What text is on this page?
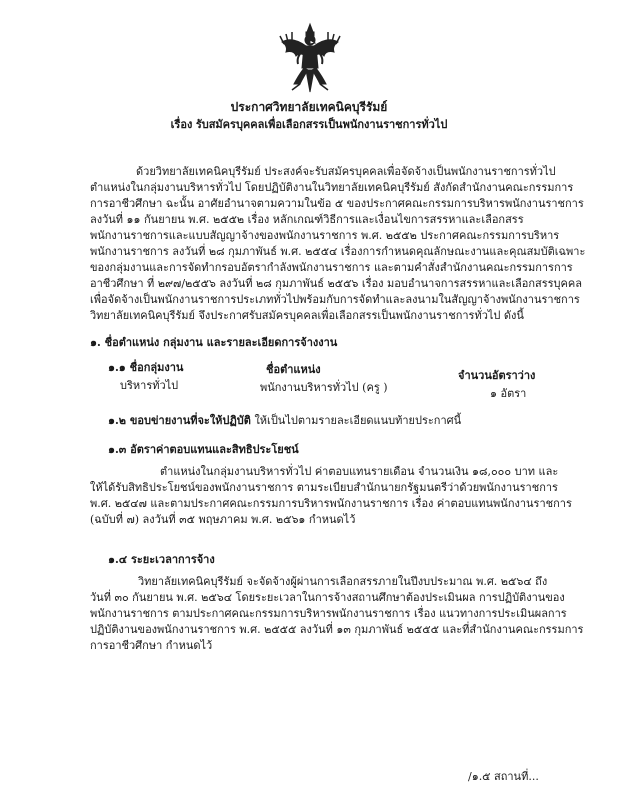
ประกาศวิทยาลัยเทคนิคบุรีรัมย์
เรื่อง รับสมัครบุคคลเพื่อเลือกสรรเป็นพนักงานราชการทั่วไป
ด้วยวิทยาลัยเทคนิคบุรีรัมย์ ประสงค์จะรับสมัครบุคคลเพื่อจัดจ้างเป็นพนักงานราชการทั่วไป
ตำแหน่งในกลุ่มงานบริหารทั่วไป โดยปฏิบัติงานในวิทยาลัยเทคนิคบุรีรัมย์ สังกัดสำนักงานคณะกรรมการ
การอาชีวศึกษา ฉะนั้น อาศัยอำนาจตามความในข้อ ๕ ของประกาศคณะกรรมการบริหารพนักงานราชการ
ลงวันที่ ๑๑ กันยายน พ.ศ. ๒๕๕๒ เรื่อง หลักเกณฑ์วิธีการและเงื่อนไขการสรรหาและเลือกสรร
พนักงานราชการและแบบสัญญาจ้างของพนักงานราชการ พ.ศ. ๒๕๕๒ ประกาศคณะกรรมการบริหาร
พนักงานราชการ ลงวันที่ ๒๘ กุมภาพันธ์ พ.ศ. ๒๕๕๔ เรื่องการกำหนดคุณลักษณะงานและคุณสมบัติเฉพาะ
ของกลุ่มงานและการจัดทำกรอบอัตรากำลังพนักงานราชการ และตามคำสั่งสำนักงานคณะกรรมการการ
อาชีวศึกษา ที่ ๒๙๗/๒๕๕๖ ลงวันที่ ๒๘ กุมภาพันธ์ ๒๕๕๖ เรื่อง มอบอำนาจการสรรหาและเลือกสรรบุคคล
เพื่อจัดจ้างเป็นพนักงานราชการประเภททั่วไปพร้อมกับการจัดทำและลงนามในสัญญาจ้างพนักงานราชการ
วิทยาลัยเทคนิคบุรีรัมย์ จึงประกาศรับสมัครบุคคลเพื่อเลือกสรรเป็นพนักงานราชการทั่วไป ดังนี้
๑. ชื่อตำแหน่ง กลุ่มงาน และรายละเอียดการจ้างงาน
๑.๑ ชื่อกลุ่มงาน	ชื่อตำแหน่ง	จำนวนอัตราว่าง
บริหารทั่วไป	พนักงานบริหารทั่วไป (ครู )	๑ อัตรา
๑.๒ ขอบข่ายงานที่จะให้ปฏิบัติ ให้เป็นไปตามรายละเอียดแนบท้ายประกาศนี้
๑.๓ อัตราค่าตอบแทนและสิทธิประโยชน์
ตำแหน่งในกลุ่มงานบริหารทั่วไป ค่าตอบแทนรายเดือน จำนวนเงิน ๑๘,๐๐๐ บาท และ
ให้ได้รับสิทธิประโยชน์ของพนักงานราชการ ตามระเบียบสำนักนายกรัฐมนตรีว่าด้วยพนักงานราชการ
พ.ศ. ๒๕๔๗ และตามประกาศคณะกรรมการบริหารพนักงานราชการ เรื่อง ค่าตอบแทนพนักงานราชการ
(ฉบับที่ ๗) ลงวันที่ ๓๕ พฤษภาคม พ.ศ. ๒๕๖๑ กำหนดไว้
๑.๔ ระยะเวลาการจ้าง
วิทยาลัยเทคนิคบุรีรัมย์ จะจัดจ้างผู้ผ่านการเลือกสรรภายในปีงบประมาณ พ.ศ. ๒๕๖๔ ถึง
วันที่ ๓๐ กันยายน พ.ศ. ๒๕๖๔ โดยระยะเวลาในการจ้างสถานศึกษาต้องประเมินผล การปฏิบัติงานของ
พนักงานราชการ ตามประกาศคณะกรรมการบริหารพนักงานราชการ เรื่อง แนวทางการประเมินผลการ
ปฏิบัติงานของพนักงานราชการ พ.ศ. ๒๕๕๕ ลงวันที่ ๑๓ กุมภาพันธ์ ๒๕๕๕ และที่สำนักงานคณะกรรมการ
การอาชีวศึกษา กำหนดไว้
/๑.๕ สถานที่...
